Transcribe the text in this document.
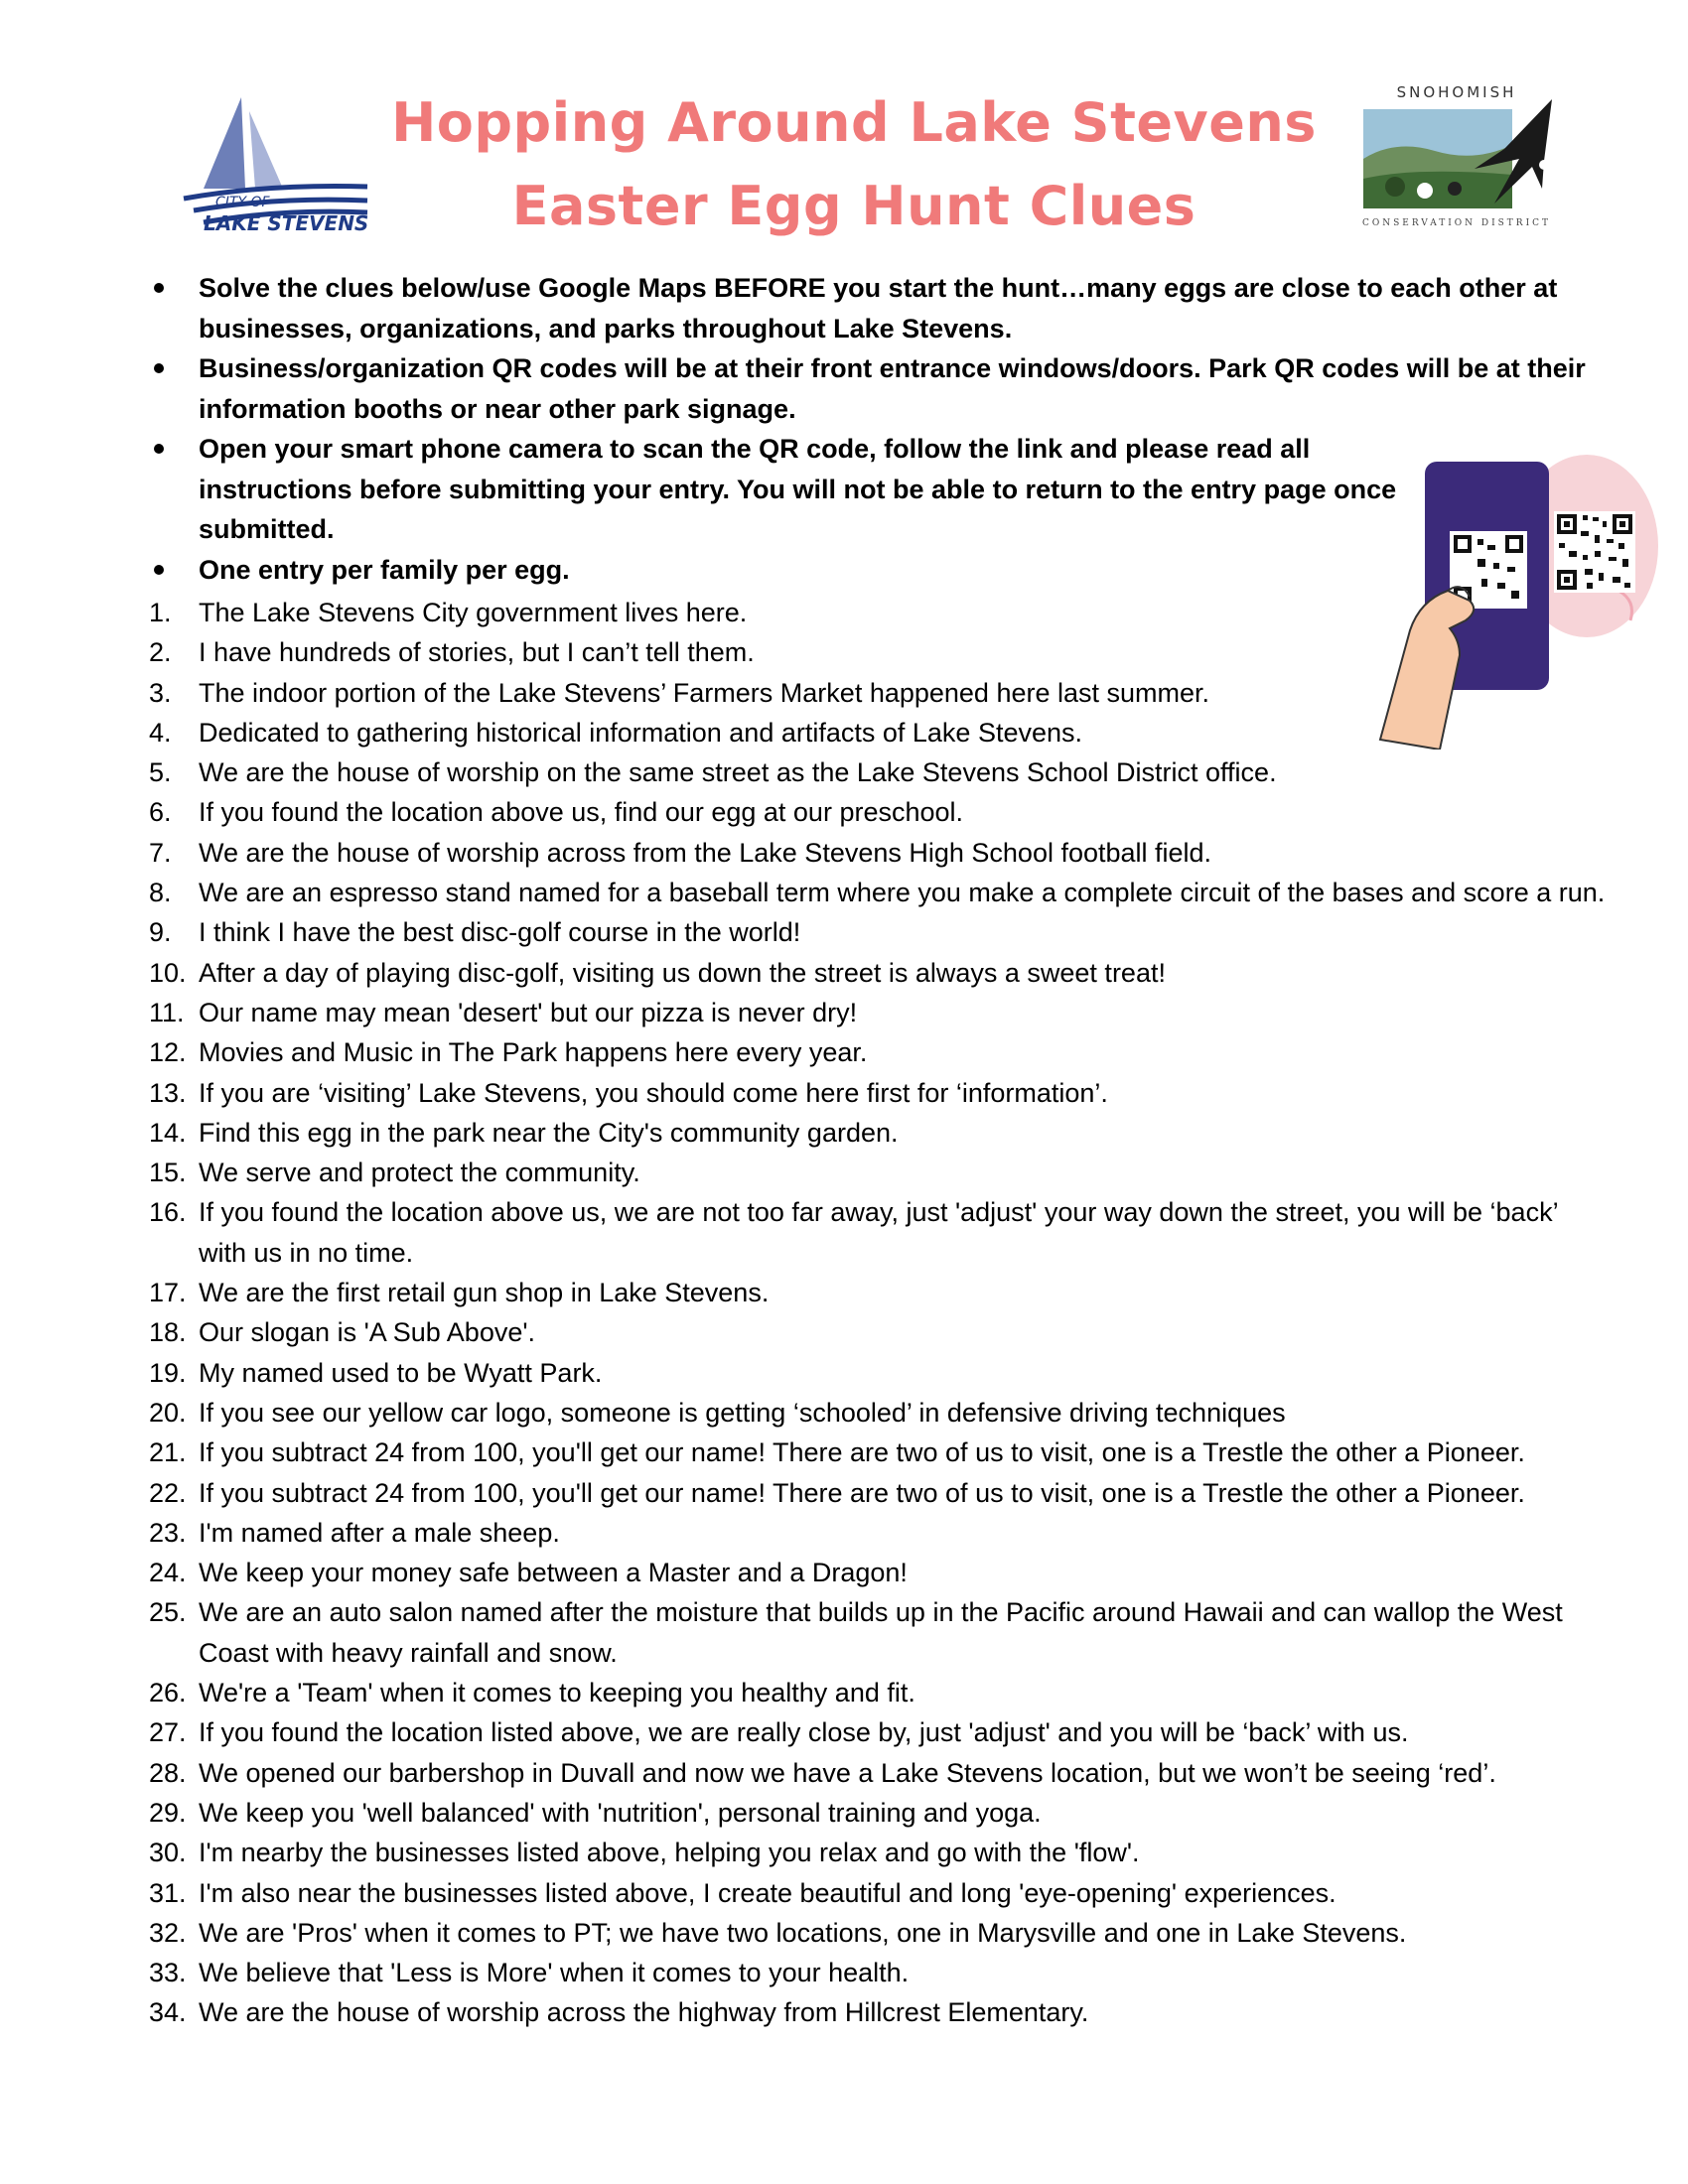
CITY OF
LAKE STEVENS
Hopping Around Lake Stevens
Easter Egg Hunt Clues
SNOHOMISH
CONSERVATION DISTRICT
Solve the clues below/use Google Maps BEFORE you start the hunt…many eggs are close to each other at businesses, organizations, and parks throughout Lake Stevens.
Business/organization QR codes will be at their front entrance windows/doors. Park QR codes will be at their information booths or near other park signage.
Open your smart phone camera to scan the QR code, follow the link and please read all instructions before submitting your entry. You will not be able to return to the entry page once submitted.
One entry per family per egg.
1.	The Lake Stevens City government lives here.
2.	I have hundreds of stories, but I can’t tell them.
3.	The indoor portion of the Lake Stevens’ Farmers Market happened here last summer.
4.	Dedicated to gathering historical information and artifacts of Lake Stevens.
5.	We are the house of worship on the same street as the Lake Stevens School District office.
6.	If you found the location above us, find our egg at our preschool.
7.	We are the house of worship across from the Lake Stevens High School football field.
8.	We are an espresso stand named for a baseball term where you make a complete circuit of the bases and score a run.
9.	I think I have the best disc-golf course in the world!
10. After a day of playing disc-golf, visiting us down the street is always a sweet treat!
11. Our name may mean 'desert' but our pizza is never dry!
12. Movies and Music in The Park happens here every year.
13. If you are ‘visiting’ Lake Stevens, you should come here first for ‘information’.
14. Find this egg in the park near the City's community garden.
15. We serve and protect the community.
16. If you found the location above us, we are not too far away, just 'adjust' your way down the street, you will be ‘back’ with us in no time.
17. We are the first retail gun shop in Lake Stevens.
18. Our slogan is 'A Sub Above'.
19. My named used to be Wyatt Park.
20. If you see our yellow car logo, someone is getting ‘schooled’ in defensive driving techniques
21. If you subtract 24 from 100, you'll get our name! There are two of us to visit, one is a Trestle the other a Pioneer.
22. If you subtract 24 from 100, you'll get our name! There are two of us to visit, one is a Trestle the other a Pioneer.
23. I'm named after a male sheep.
24. We keep your money safe between a Master and a Dragon!
25. We are an auto salon named after the moisture that builds up in the Pacific around Hawaii and can wallop the West Coast with heavy rainfall and snow.
26. We're a 'Team' when it comes to keeping you healthy and fit.
27. If you found the location listed above, we are really close by, just 'adjust' and you will be ‘back’ with us.
28. We opened our barbershop in Duvall and now we have a Lake Stevens location, but we won’t be seeing ‘red’.
29. We keep you 'well balanced' with 'nutrition', personal training and yoga.
30. I'm nearby the businesses listed above, helping you relax and go with the 'flow'.
31. I'm also near the businesses listed above, I create beautiful and long 'eye-opening' experiences.
32. We are 'Pros' when it comes to PT; we have two locations, one in Marysville and one in Lake Stevens.
33. We believe that 'Less is More' when it comes to your health.
34. We are the house of worship across the highway from Hillcrest Elementary.
